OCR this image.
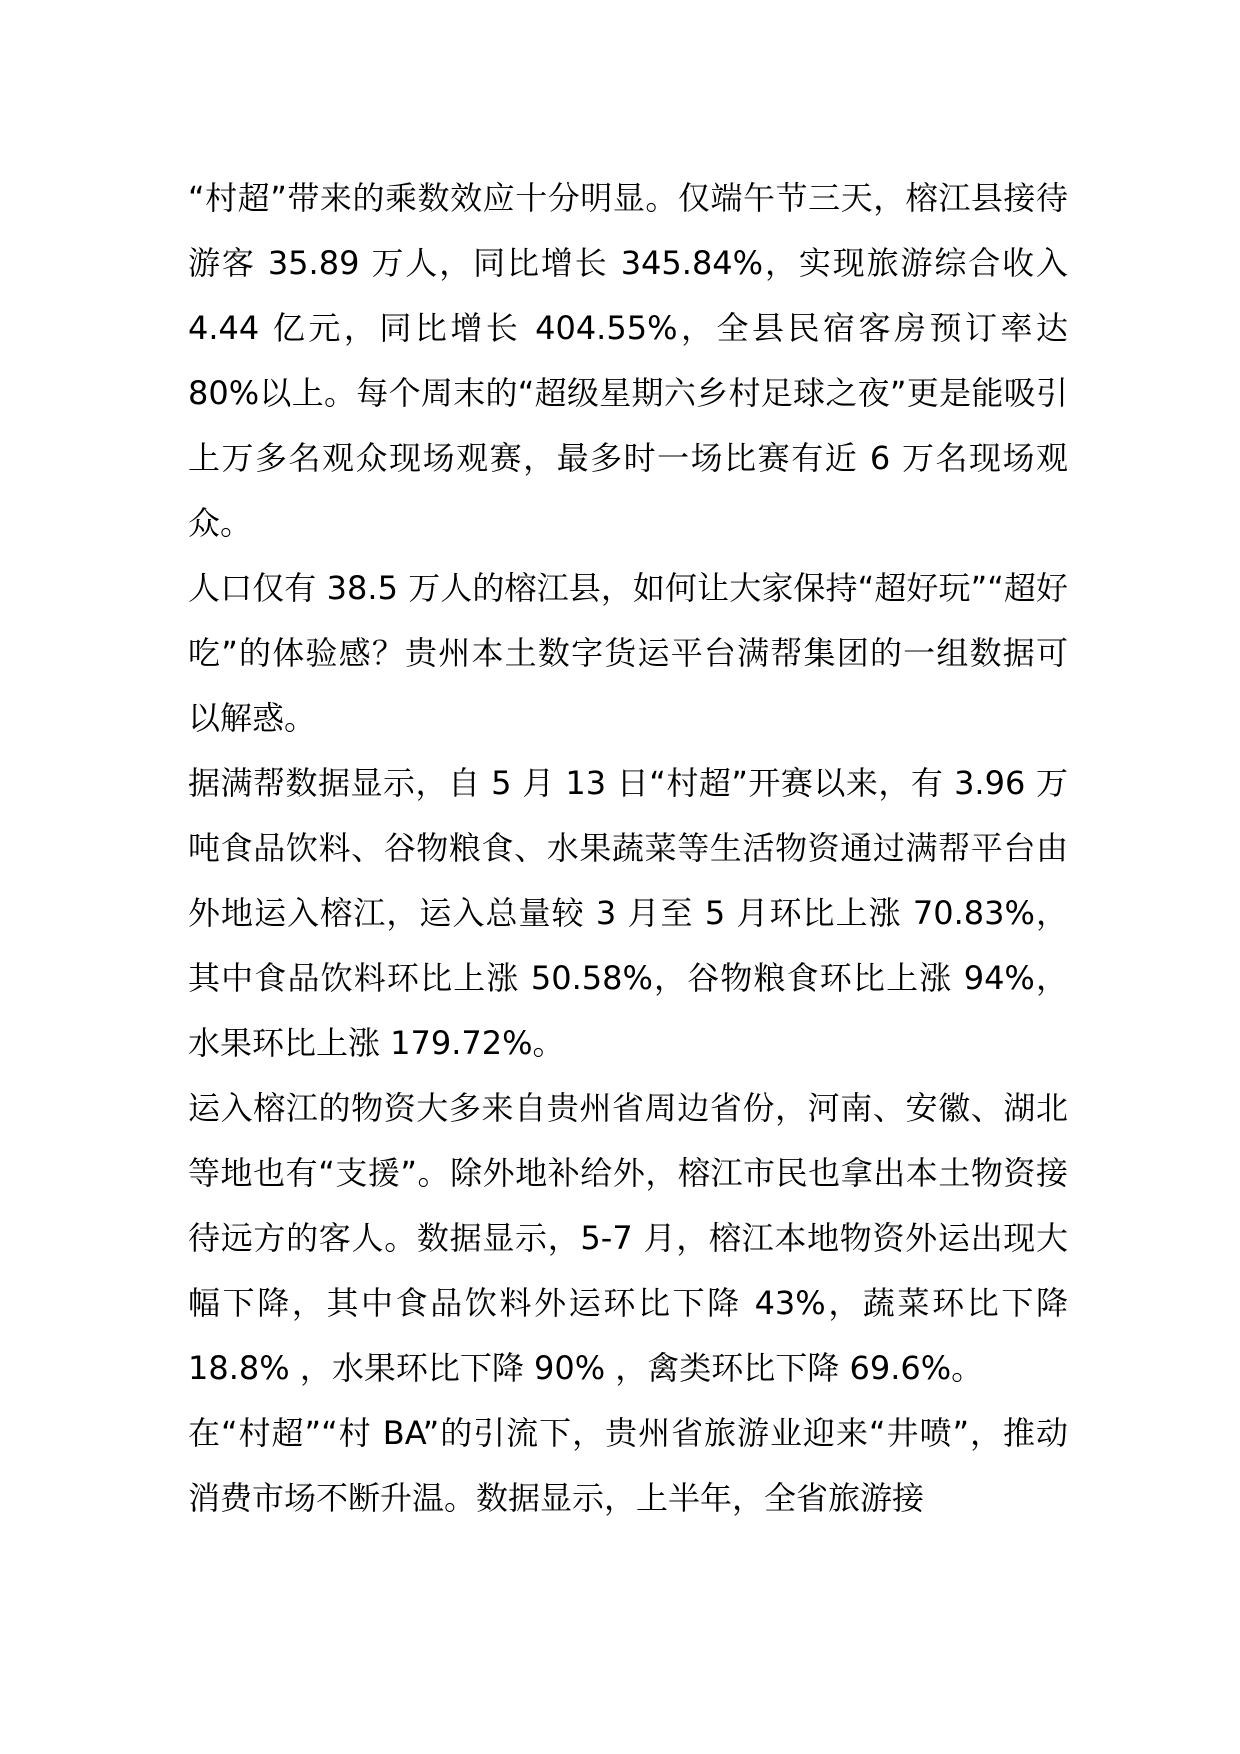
“村超”带来的乘数效应十分明显。仅端午节三天，榕江县接待游客 35.89 万人，同比增长 345.84%，实现旅游综合收入 4.44 亿元，同比增长 404.55%，全县民宿客房预订率达 80%以上。每个周末的“超级星期六乡村足球之夜”更是能吸引上万多名观众现场观赛，最多时一场比赛有近 6 万名现场观众。

人口仅有 38.5 万人的榕江县，如何让大家保持“超好玩”“超好吃”的体验感？贵州本土数字货运平台满帮集团的一组数据可以解惑。

据满帮数据显示，自 5 月 13 日“村超”开赛以来，有 3.96 万吨食品饮料、谷物粮食、水果蔬菜等生活物资通过满帮平台由外地运入榕江，运入总量较 3 月至 5 月环比上涨 70.83%，其中食品饮料环比上涨 50.58%，谷物粮食环比上涨 94%，水果环比上涨 179.72%。

运入榕江的物资大多来自贵州省周边省份，河南、安徽、湖北等地也有“支援”。除外地补给外，榕江市民也拿出本土物资接待远方的客人。数据显示，5-7 月，榕江本地物资外运出现大幅下降，其中食品饮料外运环比下降 43%，蔬菜环比下降 18.8% ，水果环比下降 90% ，禽类环比下降 69.6%。

在“村超”“村 BA”的引流下，贵州省旅游业迎来“井喷”，推动消费市场不断升温。数据显示，上半年，全省旅游接
